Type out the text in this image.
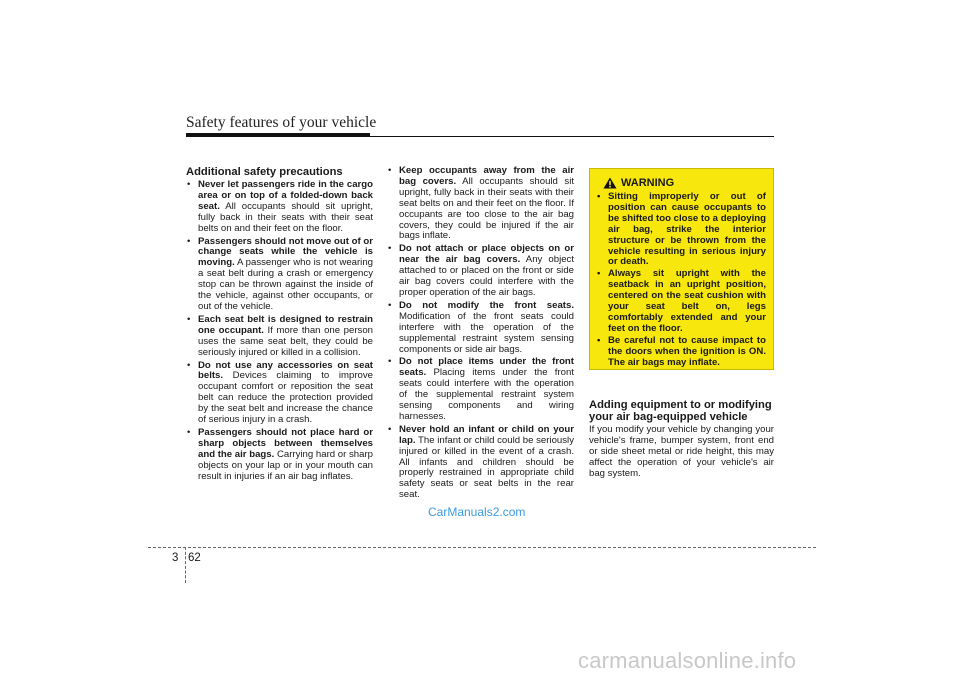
Safety features of your vehicle
Additional safety precautions
• Never let passengers ride in the cargo area or on top of a folded-down back seat. All occupants should sit upright, fully back in their seats with their seat belts on and their feet on the floor.
• Passengers should not move out of or change seats while the vehicle is moving. A passenger who is not wearing a seat belt during a crash or emergency stop can be thrown against the inside of the vehicle, against other occupants, or out of the vehicle.
• Each seat belt is designed to restrain one occupant. If more than one person uses the same seat belt, they could be seriously injured or killed in a collision.
• Do not use any accessories on seat belts. Devices claiming to improve occupant comfort or reposition the seat belt can reduce the protection provided by the seat belt and increase the chance of serious injury in a crash.
• Passengers should not place hard or sharp objects between themselves and the air bags. Carrying hard or sharp objects on your lap or in your mouth can result in injuries if an air bag inflates.
• Keep occupants away from the air bag covers. All occupants should sit upright, fully back in their seats with their seat belts on and their feet on the floor. If occupants are too close to the air bag covers, they could be injured if the air bags inflate.
• Do not attach or place objects on or near the air bag covers. Any object attached to or placed on the front or side air bag covers could interfere with the proper operation of the air bags.
• Do not modify the front seats. Modification of the front seats could interfere with the operation of the supplemental restraint system sensing components or side air bags.
• Do not place items under the front seats. Placing items under the front seats could interfere with the operation of the supplemental restraint system sensing components and wiring harnesses.
• Never hold an infant or child on your lap. The infant or child could be seriously injured or killed in the event of a crash. All infants and children should be properly restrained in appropriate child safety seats or seat belts in the rear seat.
WARNING
• Sitting improperly or out of position can cause occupants to be shifted too close to a deploying air bag, strike the interior structure or be thrown from the vehicle resulting in serious injury or death.
• Always sit upright with the seatback in an upright position, centered on the seat cushion with your seat belt on, legs comfortably extended and your feet on the floor.
• Be careful not to cause impact to the doors when the ignition is ON. The air bags may inflate.
Adding equipment to or modifying your air bag-equipped vehicle

If you modify your vehicle by changing your vehicle's frame, bumper system, front end or side sheet metal or ride height, this may affect the operation of your vehicle's air bag system.

CarManuals2.com
3 62
carmanualsonline.info
